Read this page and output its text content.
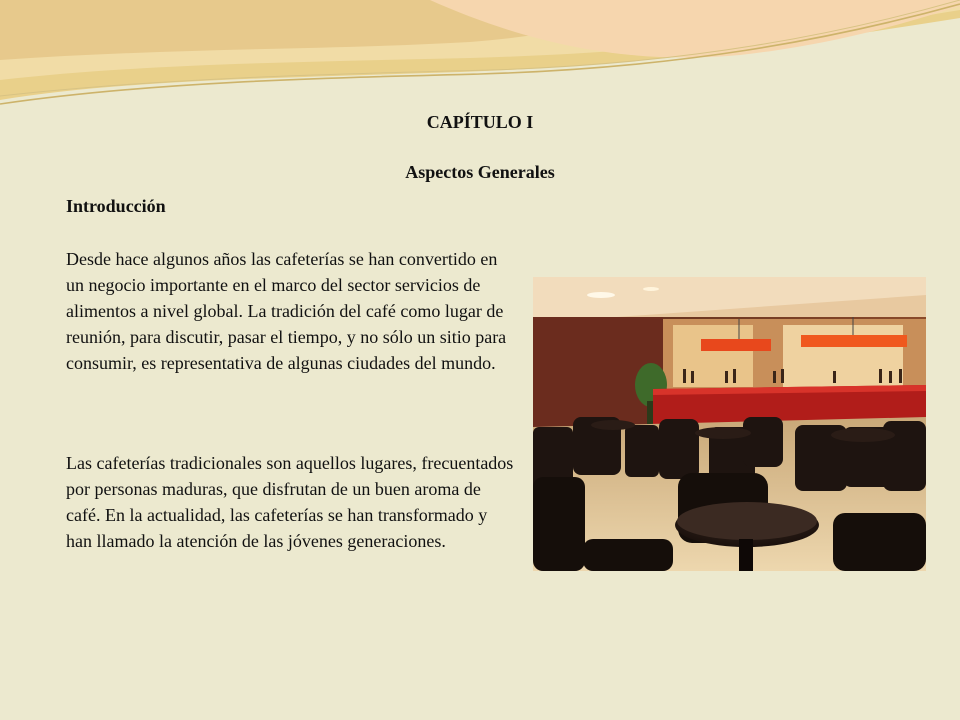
CAPÍTULO I
Aspectos Generales
Introducción

Desde hace algunos años las cafeterías se han convertido en un negocio importante en el marco del sector servicios de alimentos a nivel global. La tradición del café como lugar de reunión, para discutir, pasar el tiempo, y no sólo un sitio para consumir, es representativa de algunas ciudades del mundo.

Las cafeterías tradicionales son aquellos lugares, frecuentados por personas maduras, que disfrutan de un buen aroma de café. En la actualidad, las cafeterías se han transformado y han llamado la atención de las jóvenes generaciones.
